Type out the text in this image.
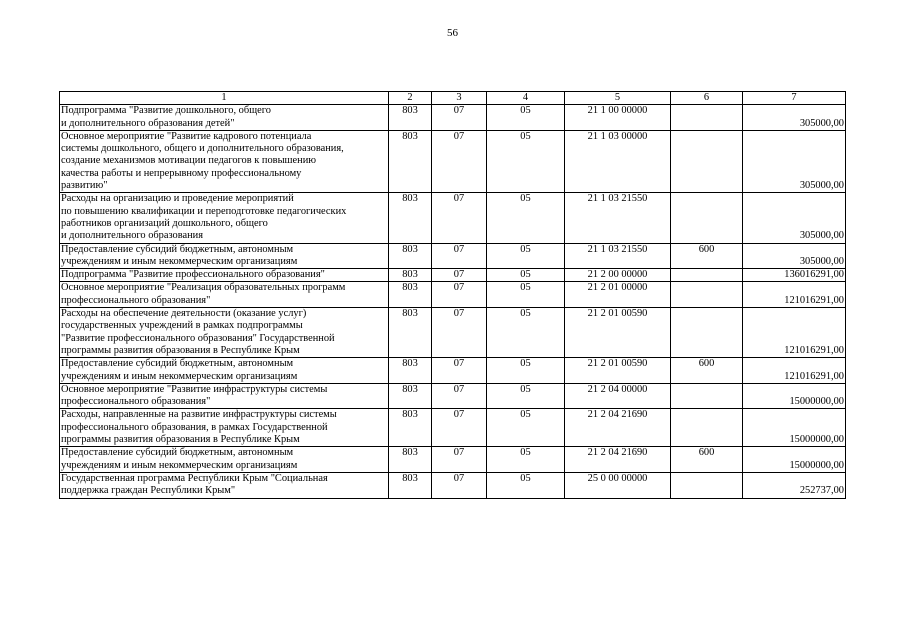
56
1	2	3	4	5	6	7
Подпрограмма "Развитие дошкольного, общего
и дополнительного образования детей"	803	07	05	21 1 00 00000		305000,00
Основное мероприятие "Развитие кадрового потенциала
системы дошкольного, общего и дополнительного образования,
создание механизмов мотивации педагогов к повышению
качества работы и непрерывному профессиональному
развитию"	803	07	05	21 1 03 00000		305000,00
Расходы на организацию и проведение мероприятий
по повышению квалификации и переподготовке педагогических
работников организаций дошкольного, общего
и дополнительного образования	803	07	05	21 1 03 21550		305000,00
Предоставление субсидий бюджетным, автономным
учреждениям и иным некоммерческим организациям	803	07	05	21 1 03 21550	600	305000,00
Подпрограмма "Развитие профессионального образования"	803	07	05	21 2 00 00000		136016291,00
Основное мероприятие "Реализация образовательных программ
профессионального образования"	803	07	05	21 2 01 00000		121016291,00
Расходы на обеспечение деятельности (оказание услуг)
государственных учреждений в рамках подпрограммы
"Развитие профессионального образования" Государственной
программы развития образования в Республике Крым	803	07	05	21 2 01 00590		121016291,00
Предоставление субсидий бюджетным, автономным
учреждениям и иным некоммерческим организациям	803	07	05	21 2 01 00590	600	121016291,00
Основное мероприятие "Развитие инфраструктуры системы
профессионального образования"	803	07	05	21 2 04 00000		15000000,00
Расходы, направленные на развитие инфраструктуры системы
профессионального образования, в рамках Государственной
программы развития образования в Республике Крым	803	07	05	21 2 04 21690		15000000,00
Предоставление субсидий бюджетным, автономным
учреждениям и иным некоммерческим организациям	803	07	05	21 2 04 21690	600	15000000,00
Государственная программа Республики Крым "Социальная
поддержка граждан Республики Крым"	803	07	05	25 0 00 00000		252737,00
